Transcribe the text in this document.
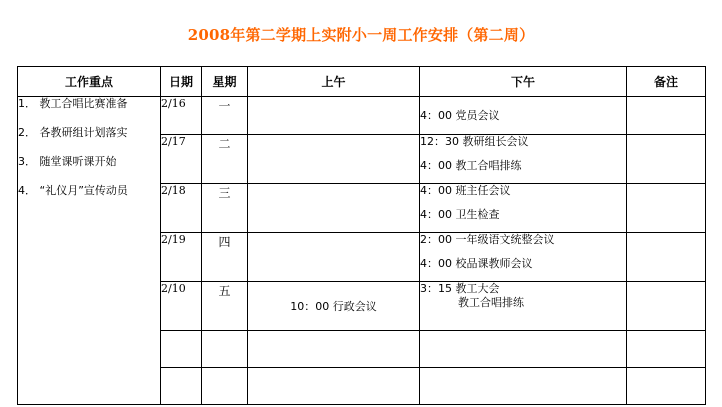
2008年第二学期上实附小一周工作安排（第二周）
工作重点	日期	星期	上午	下午	备注

1． 教工合唱比赛准备
2． 各教研组计划落实
3． 随堂课听课开始
4． “礼仪月”宣传动员	2/16	一		4：00 党员会议	

	2/17	二		12：30 教研组长会议
4：00 教工合唱排练	

	2/18	三		4：00 班主任会议
4：00 卫生检查	

	2/19	四		2：00 一年级语文统整会议
4：00 校品课教师会议	

	2/10	五	10：00 行政会议	3：15 教工大会
教工合唱排练	
